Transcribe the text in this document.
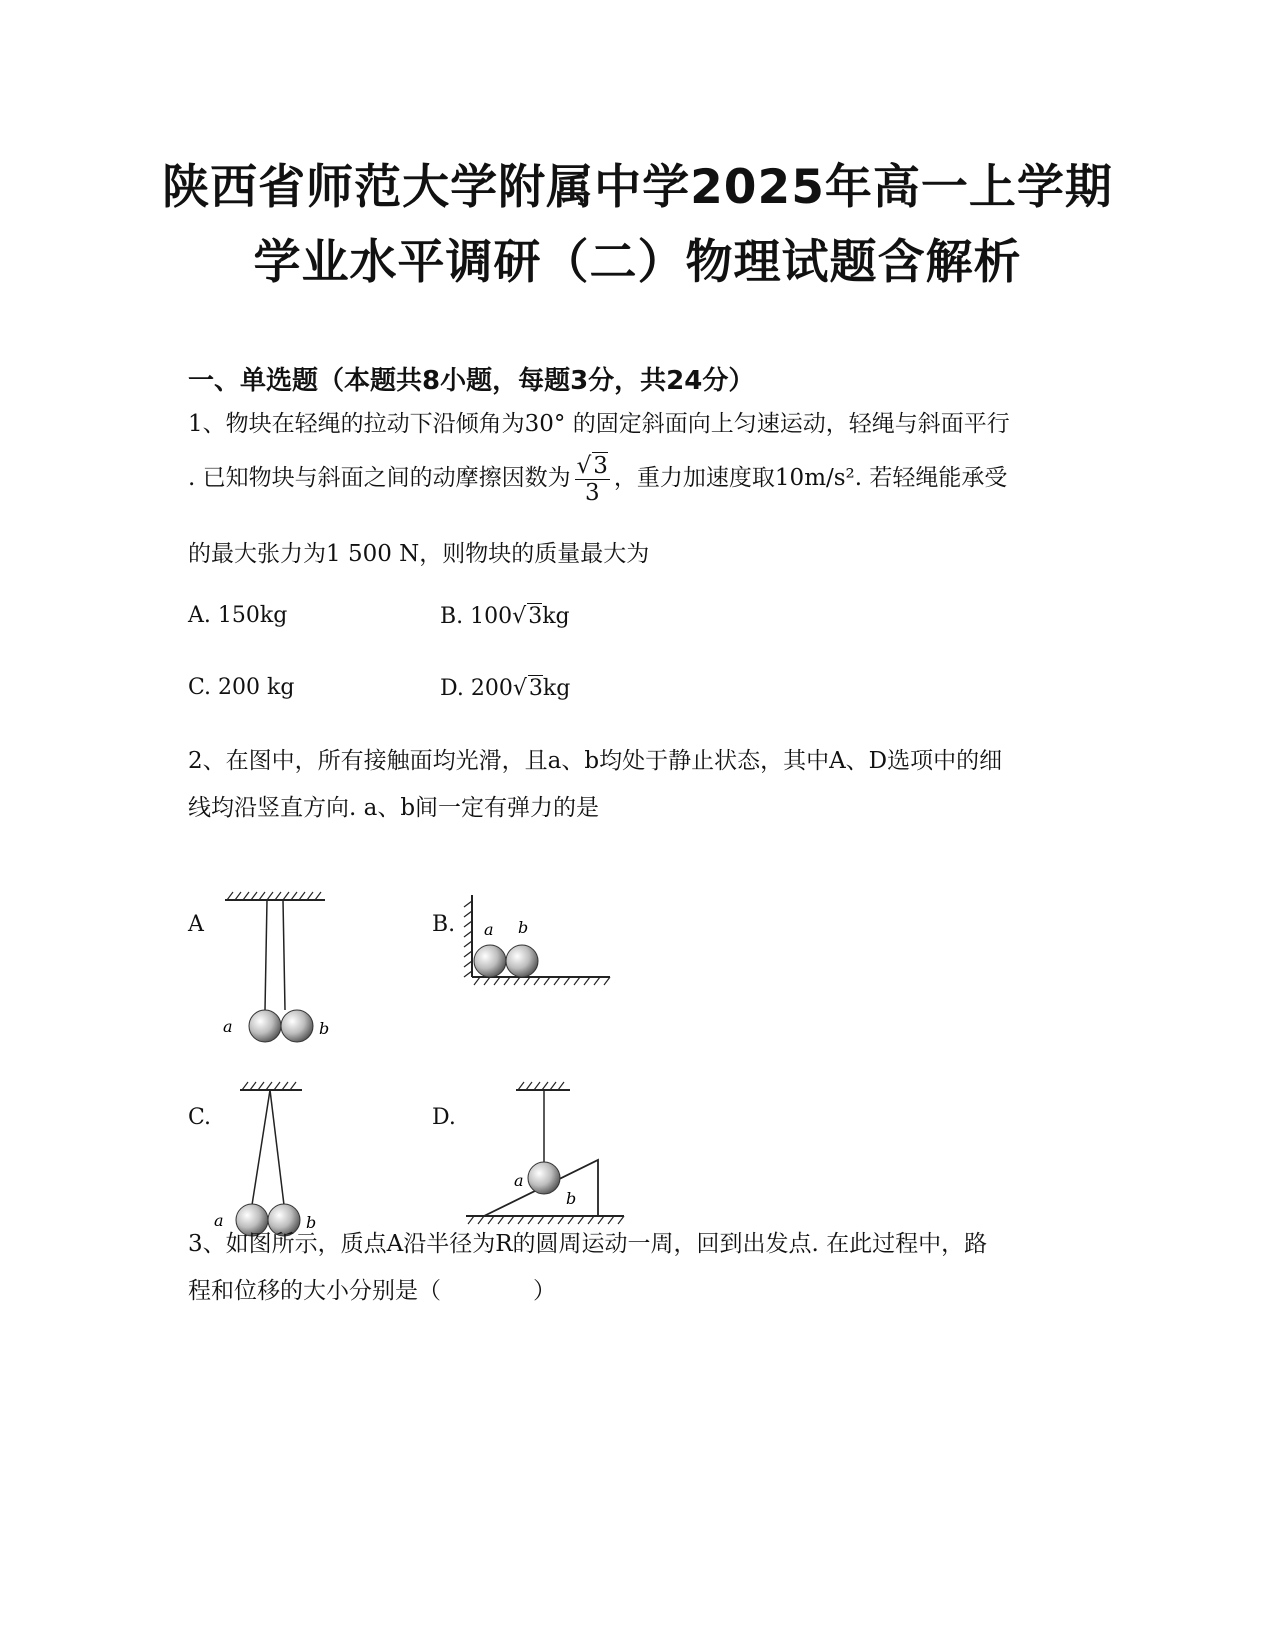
陕西省师范大学附属中学2025年高一上学期
学业水平调研（二）物理试题含解析
一、单选题（本题共8小题，每题3分，共24分）
1、物块在轻绳的拉动下沿倾角为30° 的固定斜面向上匀速运动，轻绳与斜面平行
. 已知物块与斜面之间的动摩擦因数为 $\frac{√3}{3}$ ，重力加速度取10m/s². 若轻绳能承受
的最大张力为1 500 N，则物块的质量最大为
A. 150kg	B. 100√3kg
C. 200 kg	D. 200√3kg
2、在图中，所有接触面均光滑，且a、b均处于静止状态，其中A、D选项中的细
线均沿竖直方向. a、b间一定有弹力的是
A
a	b
B. a b
C.
a	b
D.
a
b
3、如图所示，质点A沿半径为R的圆周运动一周，回到出发点. 在此过程中，路
程和位移的大小分别是（　　　　）
